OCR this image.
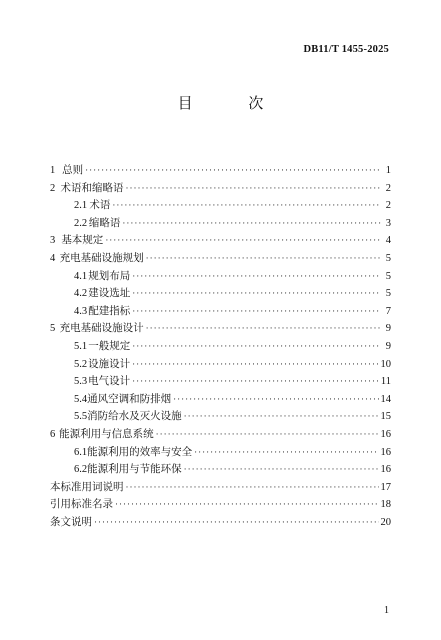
DB11/T 1455-2025
目 次
1 总则 ·····	1
2 术语和缩略语 ·····	2
2.1 术语 ·····	2
2.2 缩略语 ·····	3
3 基本规定 ·····	4
4 充电基础设施规划 ·····	5
4.1 规划布局 ·····	5
4.2 建设选址 ·····	5
4.3 配建指标 ·····	7
5 充电基础设施设计 ·····	9
5.1 一般规定 ·····	9
5.2 设施设计 ·····	10
5.3 电气设计 ·····	11
5.4 通风空调和防排烟 ·····	14
5.5 消防给水及灭火设施 ·····	15
6 能源利用与信息系统 ·····	16
6.1 能源利用的效率与安全 ·····	16
6.2 能源利用与节能环保 ·····	16
本标准用词说明 ·····	17
引用标准名录 ·····	18
条文说明 ·····	20
1
